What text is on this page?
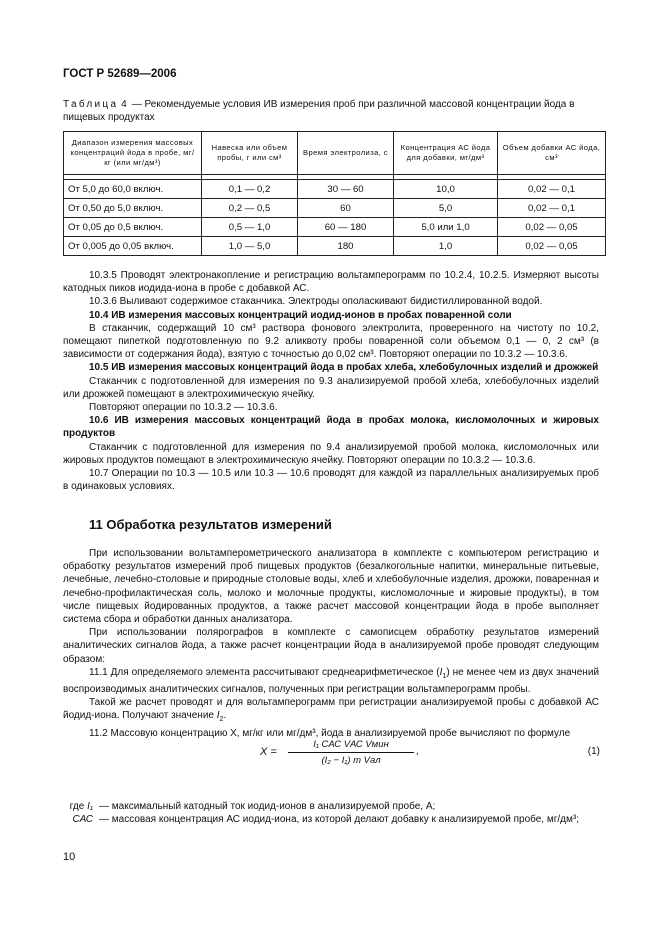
ГОСТ Р 52689—2006
Таблица 4 — Рекомендуемые условия ИВ измерения проб при различной массовой концентрации йода в пищевых продуктах
Диапазон измерения массовых концентраций йода в пробе, мг/кг (или мг/дм³)	Навеска или объем пробы, г или см³	Время электролиза, с	Концентрация АС йода для добавки, мг/дм³	Объем добавки АС йода, см³

От 5,0 до 60,0 включ.	0,1 — 0,2	30 — 60	10,0	0,02 — 0,1
От 0,50 до 5,0 включ.	0,2 — 0,5	60	5,0	0,02 — 0,1
От 0,05 до 0,5 включ.	0,5 — 1,0	60 — 180	5,0 или 1,0	0,02 — 0,05
От 0,005 до 0,05 включ.	1,0 — 5,0	180	1,0	0,02 — 0,05

10.3.5 Проводят электронакопление и регистрацию вольтамперограмм по 10.2.4, 10.2.5. Измеряют высоты катодных пиков иодида-иона в пробе с добавкой АС.

10.3.6 Выливают содержимое стаканчика. Электроды ополаскивают бидистиллированной водой.

10.4 ИВ измерения массовых концентраций иодид-ионов в пробах поваренной соли

В стаканчик, содержащий 10 см³ раствора фонового электролита, проверенного на чистоту по 10.2, помещают пипеткой подготовленную по 9.2 аликвоту пробы поваренной соли объемом 0,1 — 0, 2 см³ (в зависимости от содержания йода), взятую с точностью до 0,02 см³. Повторяют операции по 10.3.2 — 10.3.6.

10.5 ИВ измерения массовых концентраций йода в пробах хлеба, хлебобулочных изделий и дрожжей

Стаканчик с подготовленной для измерения по 9.3 анализируемой пробой хлеба, хлебобулочных изделий или дрожжей помещают в электрохимическую ячейку.

Повторяют операции по 10.3.2 — 10.3.6.

10.6 ИВ измерения массовых концентраций йода в пробах молока, кисломолочных и жировых продуктов

Стаканчик с подготовленной для измерения по 9.4 анализируемой пробой молока, кисломолочных или жировых продуктов помещают в электрохимическую ячейку. Повторяют операции по 10.3.2 — 10.3.6.

10.7 Операции по 10.3 — 10.5 или 10.3 — 10.6 проводят для каждой из параллельных анализируемых проб в одинаковых условиях.

11 Обработка результатов измерений

При использовании вольтамперометрического анализатора в комплекте с компьютером регистрацию и обработку результатов измерений проб пищевых продуктов (безалкогольные напитки, минеральные питьевые, лечебные, лечебно-столовые и природные столовые воды, хлеб и хлебобулочные изделия, дрожжи, поваренная и лечебно-профилактическая соль, молоко и молочные продукты, кисломолочные и жировые продукты), в том числе пищевых йодированных продуктов, а также расчет массовой концентрации йода в пробе выполняет система сбора и обработки данных анализатора.

При использовании полярографов в комплекте с самописцем обработку результатов измерений аналитических сигналов йода, а также расчет концентрации йода в анализируемой пробе проводят следующим образом:

11.1 Для определяемого элемента рассчитывают среднеарифметическое $(I_1)$ не менее чем из двух значений воспроизводимых аналитических сигналов, полученных при регистрации вольтамперограмм пробы.

Такой же расчет проводят и для вольтамперограмм при регистрации анализируемой пробы с добавкой АС йодид-иона. Получают значение $I_2$.

11.2 Массовую концентрацию X, мг/кг или мг/дм³, йода в анализируемой пробе вычисляют по формуле

X =
I₁ CАС VАС Vмин
(I₂ − I₁) m Vал
,	(1)
где I₁ — максимальный катодный ток иодид-ионов в анализируемой пробе, А;
CАС — массовая концентрация АС иодид-иона, из которой делают добавку к анализируемой пробе, мг/дм³;
10
